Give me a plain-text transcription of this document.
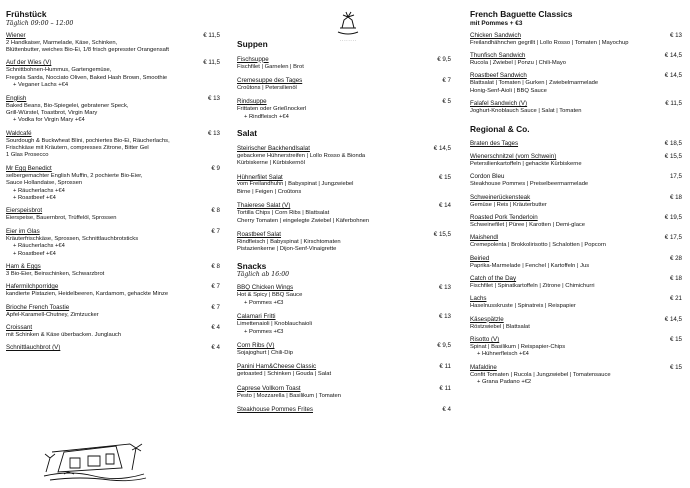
· · · · · · · ·
Frühstück
Täglich 09:00 – 12:00
Wiener	€ 11,5
2 Handkaiser, Marmelade, Käse, Schinken,
Blüttenbutter, weiches Bio-Ei, 1/8 frisch gepresster Orangensaft
Auf der Wies (V)	€ 11,5
Schnittbohnen-Hummus, Gartengemüse,
Fregola Sarda, Nocciato Oliven, Baked Hash Brown, Smoothie
+ Veganer Lachs +€4
English	€ 13
Baked Beans, Bio-Spiegelei, gebratener Speck,
Grill-Würstel, Toastbrot, Virgin Mary
+ Vodka for Virgin Mary +€4
Waldcafé	€ 13
Sourdough & Buckwheat Blini, pochiertes Bio-Ei, Räucherlachs,
Frischkäse mit Kräutern, compresses Zitrone, Bitter Gel
1 Glas Prosecco
Mr Egg Benedict	€ 9
selbergemachter English Muffin, 2 pochierte Bio-Eier,
Sauce Hollandaise, Sprossen
+ Räucherlachs +€4
+ Roastbeef +€4
Eierspeisbrot	€ 8
Eierspeise, Bauernbrot, Trüffelöl, Sprossen
Eier im Glas	€ 7
Kräuterfrischkäse, Sprossen, Schnittlauchbrotsticks
+ Räucherlachs +€4
+ Roastbeef +€4
Ham & Eggs	€ 8
3 Bio-Eier, Beinschinken, Schwarzbrot
Hafermilchporridge	€ 7
kandierte Pistazien, Heidelbeeren, Kardamom, gehackte Minze
Brioche French Toastie	€ 7
Apfel-Karamell-Chutney, Zimtzucker
Croissant	€ 4
mit Schinken & Käse überbacken. Junglauch
Schnittlauchbrot (V)	€ 4
Suppen
Fischsuppe	€ 9,5
Fischfilet | Garnelen | Brot
Cremesuppe des Tages	€ 7
Croûtons | Petersilienöl
Rindsuppe	€ 5
Frittaten oder Grießnockerl
+ Rindfleisch +€4
Salat
Steirischer Backhendlsalat	€ 14,5
gebackene Hühnerstreifen | Lollo Rosso & Bionda
Kürbiskerne | Kürbiskernöl
Hühnerfilet Salat	€ 15
vom Freilandhuhn | Babyspinat | Jungzwiebel
Birne | Feigen | Croûtons
Thaierese Salat (V)	€ 14
Tortilla Chips | Corn Ribs | Blattsalat
Cherry Tomaten | eingelegte Zwiebel | Käferbohnen
Roastbeef Salat	€ 15,5
Rindfleisch | Babyspinat | Kirschtomaten
Pistazienkerne | Dijon-Senf-Vinaigrette
Snacks
Täglich ab 16:00
BBQ Chicken Wings	€ 13
Hot & Spicy | BBQ Sauce
+ Pommes +€3
Calamari Fritti	€ 13
Limettenaioli | Knoblauchaioli
+ Pommes +€3
Corn Ribs (V)	€ 9,5
Sojajoghurt | Chili-Dip
Panini Ham&Cheese Classic	€ 11
getoasted | Schinken | Gouda | Salat
Caprese Vollkorn Toast	€ 11
Pesto | Mozzarella | Basilikum | Tomaten
Steakhouse Pommes Frites	€ 4
French Baguette Classics
mit Pommes + €3
Chicken Sandwich	€ 13
Freilandhähnchen gegrillt | Lollo Rosso | Tomaten | Mayochup
Thunfisch Sandwich	€ 14,5
Rucola | Zwiebel | Ponzu | Chili-Mayo
Roastbeef Sandwich	€ 14,5
Blattsalat | Tomaten | Gurken | Zwiebelmarmelade
Honig-Senf-Aioli | BBQ Sauce
Falafel Sandwich (V)	€ 11,5
Joghurt-Knoblauch Sauce | Salat | Tomaten
Regional & Co.
Braten des Tages	€ 18,5
Wienerschnitzel (vom Schwein)	€ 15,5
Petersilienkartoffeln | gehackte Kürbiskerne
Cordon Bleu	17,5
Steakhouse Pommes | Preiselbeermarmelade
Schweinerückensteak	€ 18
Gemüse | Reis | Kräuterbutter
Roasted Pork Tenderloin	€ 19,5
Schweinefilet | Püree | Karotten | Demi-glace
Maishendl	€ 17,5
Cremepolenta | Brokkolirisotto | Schalotten | Popcorn
Beiried	€ 28
Paprika-Marmelade | Fenchel | Kartoffeln | Jus
Catch of the Day	€ 18
Fischfilet | Spinatkartoffeln | Zitrone | Chimichurri
Lachs	€ 21
Haselnusskruste | Spinatreis | Reispapier
Käsespätzle	€ 14,5
Röstzwiebel | Blattsalat
Risotto (V)	€ 15
Spinat | Basilikum | Reispapier-Chips
+ Hühnerfleisch +€4
Mafaldine	€ 15
Confit Tomaten | Rucola | Jungzwiebel | Tomatensauce
+ Grana Padano +€2
